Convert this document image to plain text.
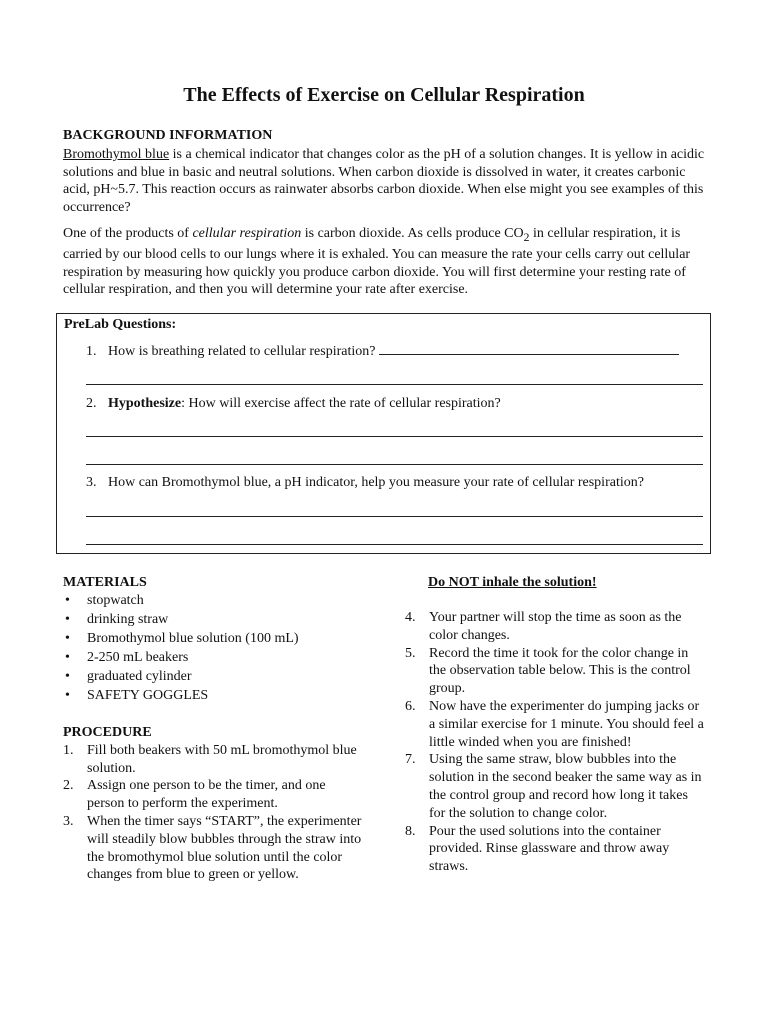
The Effects of Exercise on Cellular Respiration
BACKGROUND INFORMATION
Bromothymol blue is a chemical indicator that changes color as the pH of a solution changes. It is yellow in acidic solutions and blue in basic and neutral solutions. When carbon dioxide is dissolved in water, it creates carbonic acid, pH~5.7. This reaction occurs as rainwater absorbs carbon dioxide. When else might you see examples of this occurrence?
One of the products of cellular respiration is carbon dioxide. As cells produce $CO_2$ in cellular respiration, it is carried by our blood cells to our lungs where it is exhaled. You can measure the rate your cells carry out cellular respiration by measuring how quickly you produce carbon dioxide. You will first determine your resting rate of cellular respiration, and then you will determine your rate after exercise.
PreLab Questions:
1. How is breathing related to cellular respiration?
2. Hypothesize: How will exercise affect the rate of cellular respiration?
3. How can Bromothymol blue, a pH indicator, help you measure your rate of cellular respiration?
MATERIALS
• stopwatch
• drinking straw
• Bromothymol blue solution (100 mL)
• 2-250 mL beakers
• graduated cylinder
• SAFETY GOGGLES
PROCEDURE
1. Fill both beakers with 50 mL bromothymol blue solution.
2. Assign one person to be the timer, and one person to perform the experiment.
3. When the timer says “START”, the experimenter will steadily blow bubbles through the straw into the bromothymol blue solution until the color changes from blue to green or yellow.
Do NOT inhale the solution!
4. Your partner will stop the time as soon as the color changes.
5. Record the time it took for the color change in the observation table below. This is the control group.
6. Now have the experimenter do jumping jacks or a similar exercise for 1 minute. You should feel a little winded when you are finished!
7. Using the same straw, blow bubbles into the solution in the second beaker the same way as in the control group and record how long it takes for the solution to change color.
8. Pour the used solutions into the container provided. Rinse glassware and throw away straws.
